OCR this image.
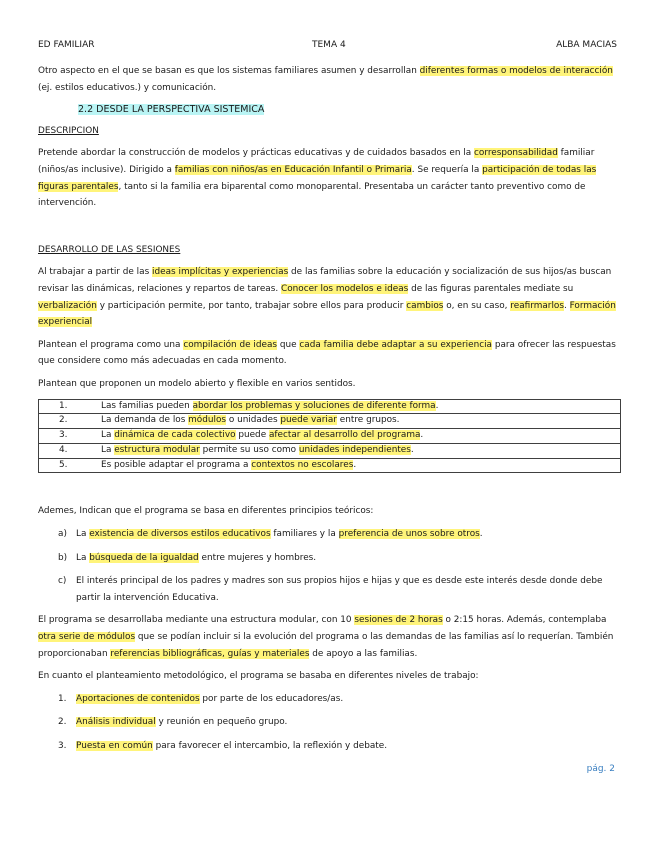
ED FAMILIAR	TEMA 4	ALBA MACIAS

Otro aspecto en el que se basan es que los sistemas familiares asumen y desarrollan diferentes formas o modelos de interacción (ej. estilos educativos.) y comunicación.

2.2 DESDE LA PERSPECTIVA SISTEMICA

DESCRIPCION

Pretende abordar la construcción de modelos y prácticas educativas y de cuidados basados en la corresponsabilidad familiar (niños/as inclusive). Dirigido a familias con niños/as en Educación Infantil o Primaria. Se requería la participación de todas las figuras parentales, tanto si la familia era biparental como monoparental. Presentaba un carácter tanto preventivo como de intervención.

DESARROLLO DE LAS SESIONES

Al trabajar a partir de las ideas implícitas y experiencias de las familias sobre la educación y socialización de sus hijos/as buscan revisar las dinámicas, relaciones y repartos de tareas. Conocer los modelos e ideas de las figuras parentales mediate su verbalización y participación permite, por tanto, trabajar sobre ellos para producir cambios o, en su caso, reafirmarlos. Formación experiencial

Plantean el programa como una compilación de ideas que cada familia debe adaptar a su experiencia para ofrecer las respuestas que considere como más adecuadas en cada momento.

Plantean que proponen un modelo abierto y flexible en varios sentidos.

1.	Las familias pueden abordar los problemas y soluciones de diferente forma.
2.	La demanda de los módulos o unidades puede variar entre grupos.
3.	La dinámica de cada colectivo puede afectar al desarrollo del programa.
4.	La estructura modular permite su uso como unidades independientes.
5.	Es posible adaptar el programa a contextos no escolares.

Ademes, Indican que el programa se basa en diferentes principios teóricos:

a) La existencia de diversos estilos educativos familiares y la preferencia de unos sobre otros.
b) La búsqueda de la igualdad entre mujeres y hombres.
c) El interés principal de los padres y madres son sus propios hijos e hijas y que es desde este interés desde donde debe partir la intervención Educativa.

El programa se desarrollaba mediante una estructura modular, con 10 sesiones de 2 horas o 2:15 horas. Además, contemplaba otra serie de módulos que se podían incluir si la evolución del programa o las demandas de las familias así lo requerían. También proporcionaban referencias bibliográficas, guías y materiales de apoyo a las familias.

En cuanto el planteamiento metodológico, el programa se basaba en diferentes niveles de trabajo:

1. Aportaciones de contenidos por parte de los educadores/as.
2. Análisis individual y reunión en pequeño grupo.
3. Puesta en común para favorecer el intercambio, la reflexión y debate.
pág. 2
